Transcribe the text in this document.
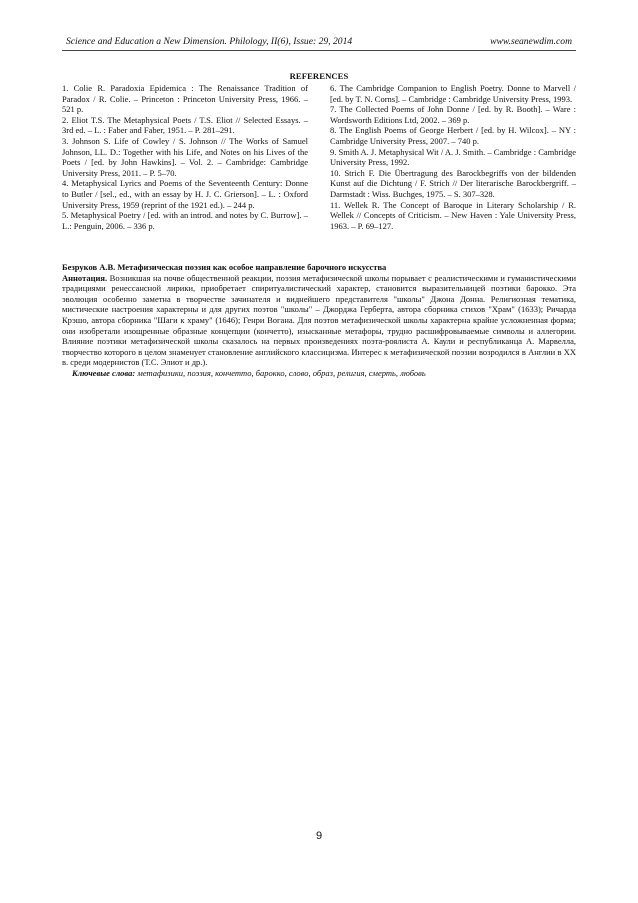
Science and Education a New Dimension. Philology, II(6), Issue: 29, 2014	www.seanewdim.com
REFERENCES

1. Colie R. Paradoxia Epidemica : The Renaissance Tradition of Paradox / R. Colie. – Princeton : Princeton University Press, 1966. – 521 p.

2. Eliot T.S. The Metaphysical Poets / T.S. Eliot // Selected Essays. – 3rd ed. – L. : Faber and Faber, 1951. – P. 281–291.

3. Johnson S. Life of Cowley / S. Johnson // The Works of Samuel Johnson, LL. D.: Together with his Life, and Notes on his Lives of the Poets / [ed. by John Hawkins]. – Vol. 2. – Cambridge: Cambridge University Press, 2011. – P. 5–70.

4. Metaphysical Lyrics and Poems of the Seventeenth Century: Donne to Butler / [sel., ed., with an essay by H. J. C. Grierson]. – L. : Oxford University Press, 1959 (reprint of the 1921 ed.). – 244 p.

5. Metaphysical Poetry / [ed. with an introd. and notes by C. Burrow]. – L.: Penguin, 2006. – 336 p.

6. The Cambridge Companion to English Poetry. Donne to Marvell / [ed. by T. N. Corns]. – Cambridge : Cambridge University Press, 1993.

7. The Collected Poems of John Donne / [ed. by R. Booth]. – Ware : Wordsworth Editions Ltd, 2002. – 369 p.

8. The English Poems of George Herbert / [ed. by H. Wilcox]. – NY : Cambridge University Press, 2007. – 740 p.

9. Smith A. J. Metaphysical Wit / A. J. Smith. – Cambridge : Cambridge University Press, 1992.

10. Strich F. Die Übertragung des Barockbegriffs von der bildenden Kunst auf die Dichtung / F. Strich // Der literarische Barockbergriff. – Darmstadt : Wiss. Buchges, 1975. – S. 307–328.

11. Wellek R. The Concept of Baroque in Literary Scholarship / R. Wellek // Concepts of Criticism. – New Haven : Yale University Press, 1963. – P. 69–127.

Безруков А.В. Метафизическая поэзия как особое направление барочного искусства

Аннотация. Возникшая на почве общественной реакции, поэзия метафизической школы порывает с реалистическими и гуманистическими традициями ренессансной лирики, приобретает спиритуалистический характер, становится выразительницей поэтики барокко. Эта эволюция особенно заметна в творчестве зачинателя и виднейшего представителя "школы" Джона Донна. Религиозная тематика, мистические настроения характерны и для других поэтов "школы" – Джорджа Герберта, автора сборника стихов "Храм" (1633); Ричарда Крэшо, автора сборника "Шаги к храму" (1646); Генри Вогана. Для поэтов метафизической школы характерна крайне усложненная форма; они изобретали изощренные образные концепции (кончетто), изысканные метафоры, трудно расшифровываемые символы и аллегории. Влияние поэтики метафизической школы сказалось на первых произведениях поэта-роялиста А. Каули и республиканца А. Марвелла, творчество которого в целом знаменует становление английского классицизма. Интерес к метафизической поэзии возродился в Англии в XX в. среди модернистов (Т.С. Элиот и др.).

Ключевые слова: метафизики, поэзия, кончетто, барокко, слово, образ, религия, смерть, любовь

9
